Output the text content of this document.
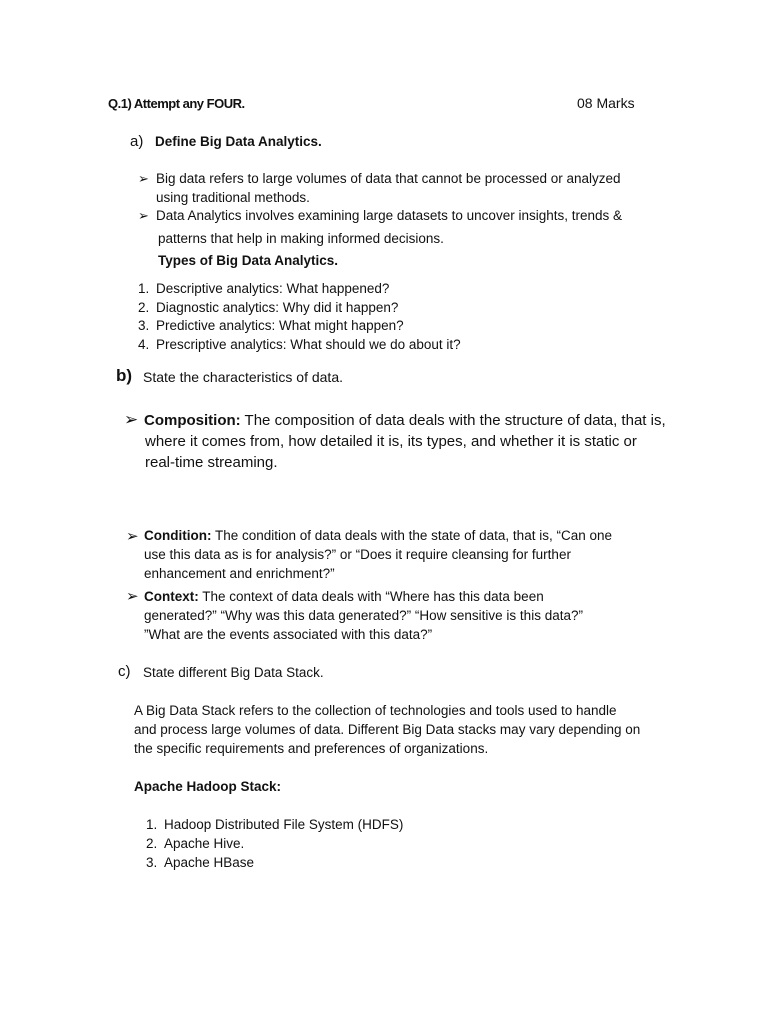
Q.1) Attempt any FOUR.	08 Marks
a) Define Big Data Analytics.
➢ Big data refers to large volumes of data that cannot be processed or analyzed
using traditional methods.
➢ Data Analytics involves examining large datasets to uncover insights, trends &
patterns that help in making informed decisions.
Types of Big Data Analytics.
1. Descriptive analytics: What happened?
2. Diagnostic analytics: Why did it happen?
3. Predictive analytics: What might happen?
4. Prescriptive analytics: What should we do about it?
b) State the characteristics of data.
➢ Composition: The composition of data deals with the structure of data, that is,
where it comes from, how detailed it is, its types, and whether it is static or
real-time streaming.
➢ Condition: The condition of data deals with the state of data, that is, “Can one
use this data as is for analysis?” or “Does it require cleansing for further
enhancement and enrichment?”
➢ Context: The context of data deals with “Where has this data been
generated?” “Why was this data generated?” “How sensitive is this data?”
”What are the events associated with this data?”
c) State different Big Data Stack.
A Big Data Stack refers to the collection of technologies and tools used to handle
and process large volumes of data. Different Big Data stacks may vary depending on
the specific requirements and preferences of organizations.
Apache Hadoop Stack:
1. Hadoop Distributed File System (HDFS)
2. Apache Hive.
3. Apache HBase
